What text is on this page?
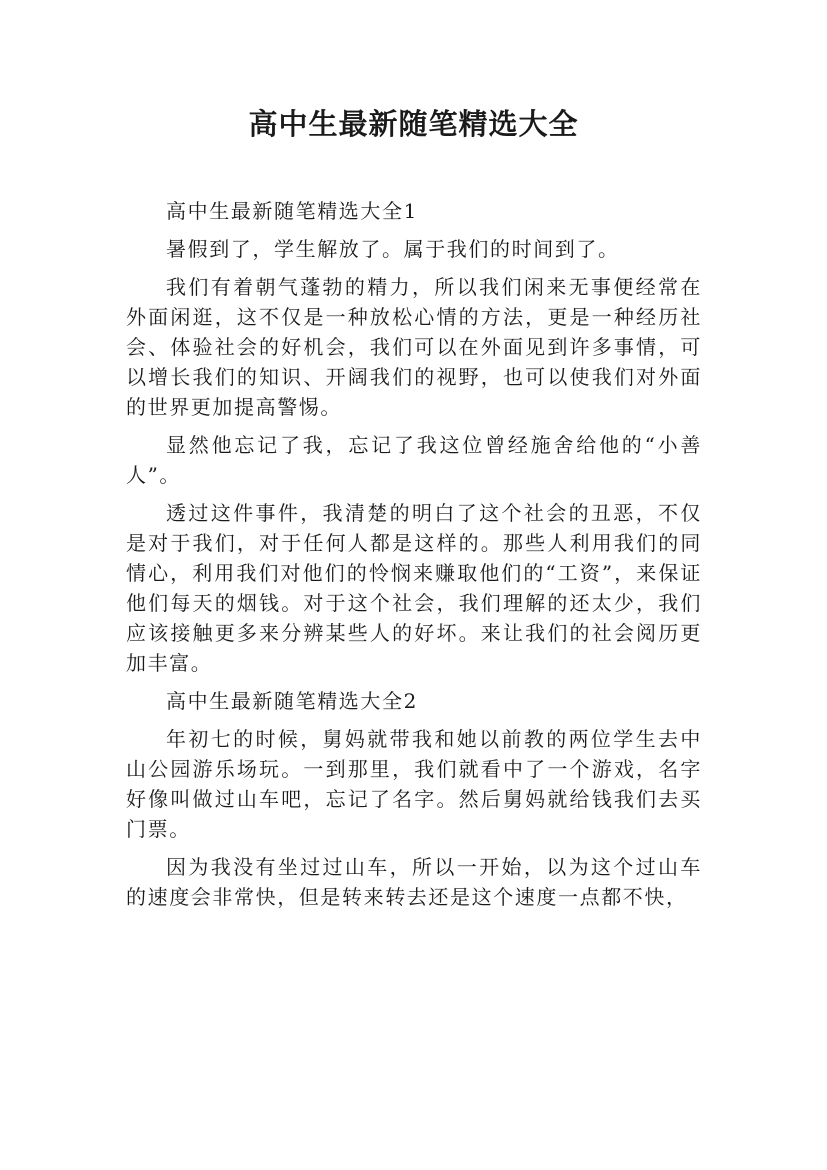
高中生最新随笔精选大全

高中生最新随笔精选大全1

暑假到了，学生解放了。属于我们的时间到了。

我们有着朝气蓬勃的精力，所以我们闲来无事便经常在外面闲逛，这不仅是一种放松心情的方法，更是一种经历社会、体验社会的好机会，我们可以在外面见到许多事情，可以增长我们的知识、开阔我们的视野，也可以使我们对外面的世界更加提高警惕。

显然他忘记了我，忘记了我这位曾经施舍给他的“小善人”。

透过这件事件，我清楚的明白了这个社会的丑恶，不仅是对于我们，对于任何人都是这样的。那些人利用我们的同情心，利用我们对他们的怜悯来赚取他们的“工资”，来保证他们每天的烟钱。对于这个社会，我们理解的还太少，我们应该接触更多来分辨某些人的好坏。来让我们的社会阅历更加丰富。

高中生最新随笔精选大全2

年初七的时候，舅妈就带我和她以前教的两位学生去中山公园游乐场玩。一到那里，我们就看中了一个游戏，名字好像叫做过山车吧，忘记了名字。然后舅妈就给钱我们去买门票。

因为我没有坐过过山车，所以一开始，以为这个过山车的速度会非常快，但是转来转去还是这个速度一点都不快，
